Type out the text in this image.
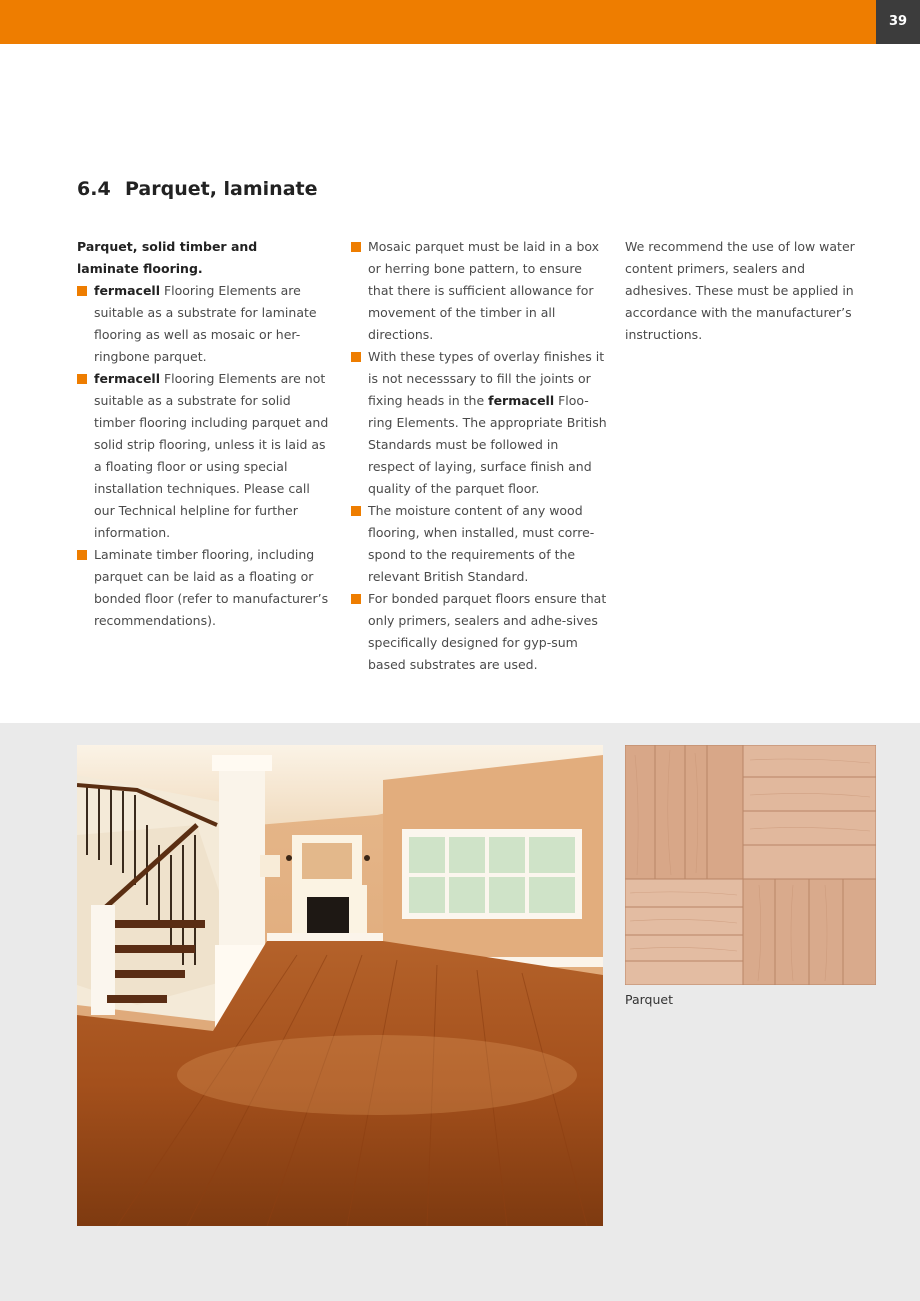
39
6.4 Parquet, laminate

Parquet, solid timber and
laminate flooring.

fermacell Flooring Elements are suitable as a substrate for laminate flooring as well as mosaic or her-ringbone parquet.
fermacell Flooring Elements are not suitable as a substrate for solid timber flooring including parquet and solid strip flooring, unless it is laid as a floating floor or using special installation techniques. Please call our Technical helpline for further information.
Laminate timber flooring, including parquet can be laid as a floating or bonded floor (refer to manufacturer’s recommendations).
Mosaic parquet must be laid in a box or herring bone pattern, to ensure that there is sufficient allowance for movement of the timber in all directions.
With these types of overlay finishes it is not necesssary to fill the joints or fixing heads in the fermacell Floo-ring Elements. The appropriate British Standards must be followed in respect of laying, surface finish and quality of the parquet floor.
The moisture content of any wood flooring, when installed, must corre-spond to the requirements of the relevant British Standard.
For bonded parquet floors ensure that only primers, sealers and adhe-sives specifically designed for gyp-sum based substrates are used.

We recommend the use of low water content primers, sealers and adhesives. These must be applied in accordance with the manufacturer’s instructions.

Parquet
